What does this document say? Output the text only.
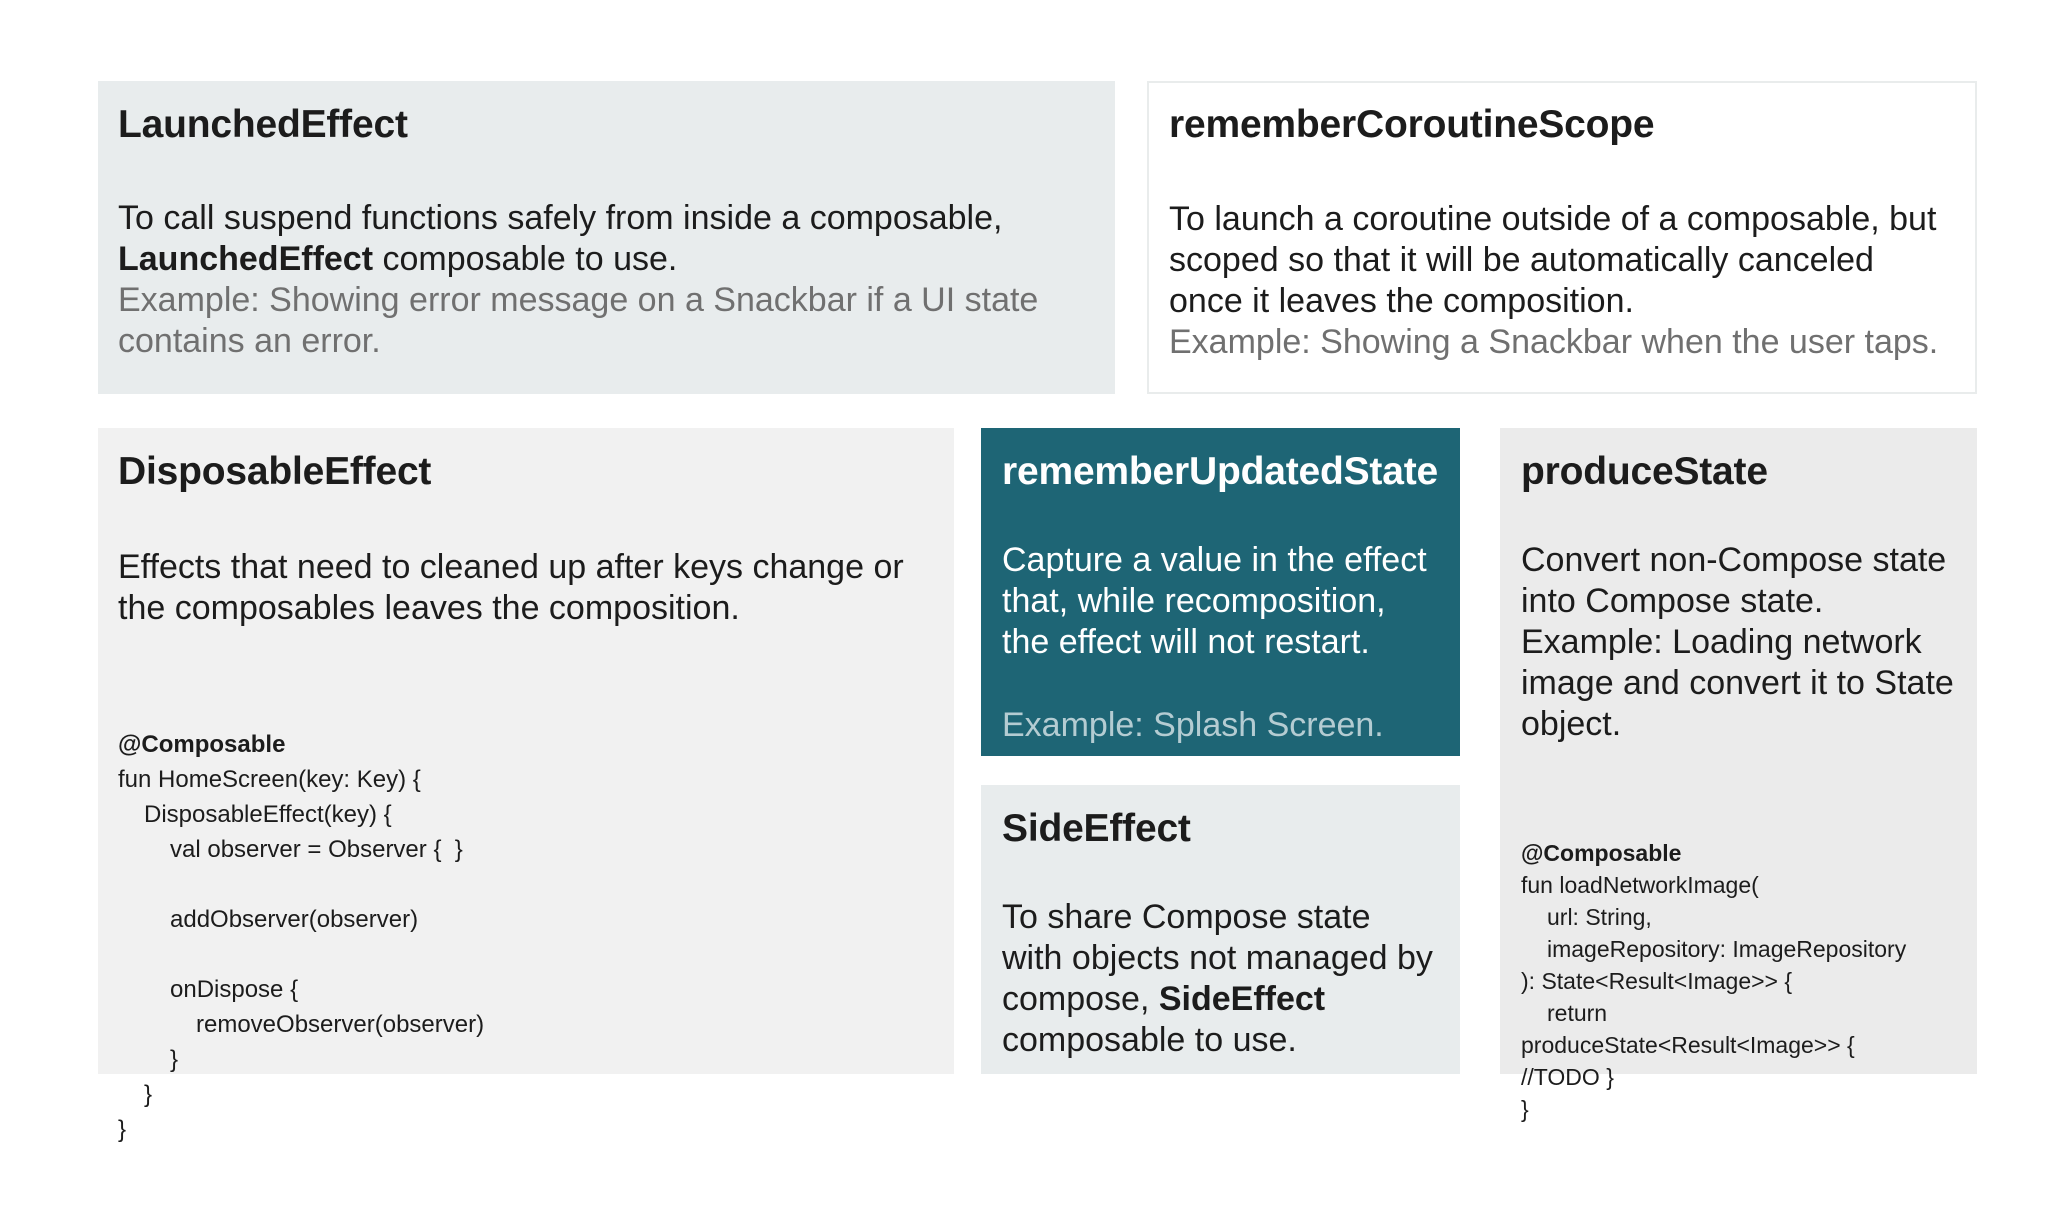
LaunchedEffect

To call suspend functions safely from inside a composable,
LaunchedEffect composable to use.

Example: Showing error message on a Snackbar if a UI state contains an error.

rememberCoroutineScope

To launch a coroutine outside of a composable, but scoped so that it will be automatically canceled once it leaves the composition.

Example: Showing a Snackbar when the user taps.

DisposableEffect

Effects that need to cleaned up after keys change or the composables leaves the composition.

@Composable
fun HomeScreen(key: Key) {
DisposableEffect(key) {
val observer = Observer {  }

addObserver(observer)

onDispose {
removeObserver(observer)
}
}
}

rememberUpdatedState

Capture a value in the effect that, while recomposition, the effect will not restart.

Example: Splash Screen.

SideEffect

To share Compose state with objects not managed by compose, SideEffect composable to use.

produceState

Convert non-Compose state into Compose state.

Example: Loading network image and convert it to State object.

@Composable
fun loadNetworkImage(
url: String,
imageRepository: ImageRepository
): State<Result<Image>> {
return
produceState<Result<Image>> {
//TODO }
}
